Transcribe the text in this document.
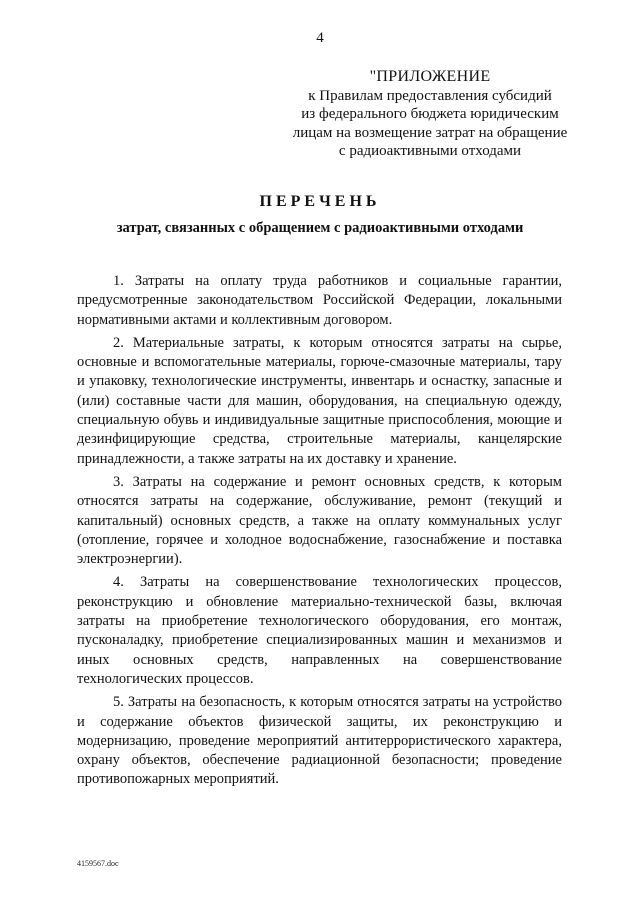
4
"ПРИЛОЖЕНИЕ
к Правилам предоставления субсидий
из федерального бюджета юридическим
лицам на возмещение затрат на обращение
с радиоактивными отходами
ПЕРЕЧЕНЬ
затрат, связанных с обращением с радиоактивными отходами

1. Затраты на оплату труда работников и социальные гарантии, предусмотренные законодательством Российской Федерации, локальными нормативными актами и коллективным договором.

2. Материальные затраты, к которым относятся затраты на сырье, основные и вспомогательные материалы, горюче-смазочные материалы, тару и упаковку, технологические инструменты, инвентарь и оснастку, запасные и (или) составные части для машин, оборудования, на специальную одежду, специальную обувь и индивидуальные защитные приспособления, моющие и дезинфицирующие средства, строительные материалы, канцелярские принадлежности, а также затраты на их доставку и хранение.

3. Затраты на содержание и ремонт основных средств, к которым относятся затраты на содержание, обслуживание, ремонт (текущий и капитальный) основных средств, а также на оплату коммунальных услуг (отопление, горячее и холодное водоснабжение, газоснабжение и поставка электроэнергии).

4. Затраты на совершенствование технологических процессов, реконструкцию и обновление материально-технической базы, включая затраты на приобретение технологического оборудования, его монтаж, пусконаладку, приобретение специализированных машин и механизмов и иных основных средств, направленных на совершенствование технологических процессов.

5. Затраты на безопасность, к которым относятся затраты на устройство и содержание объектов физической защиты, их реконструкцию и модернизацию, проведение мероприятий антитеррористического характера, охрану объектов, обеспечение радиационной безопасности; проведение противопожарных мероприятий.

4159567.doc
